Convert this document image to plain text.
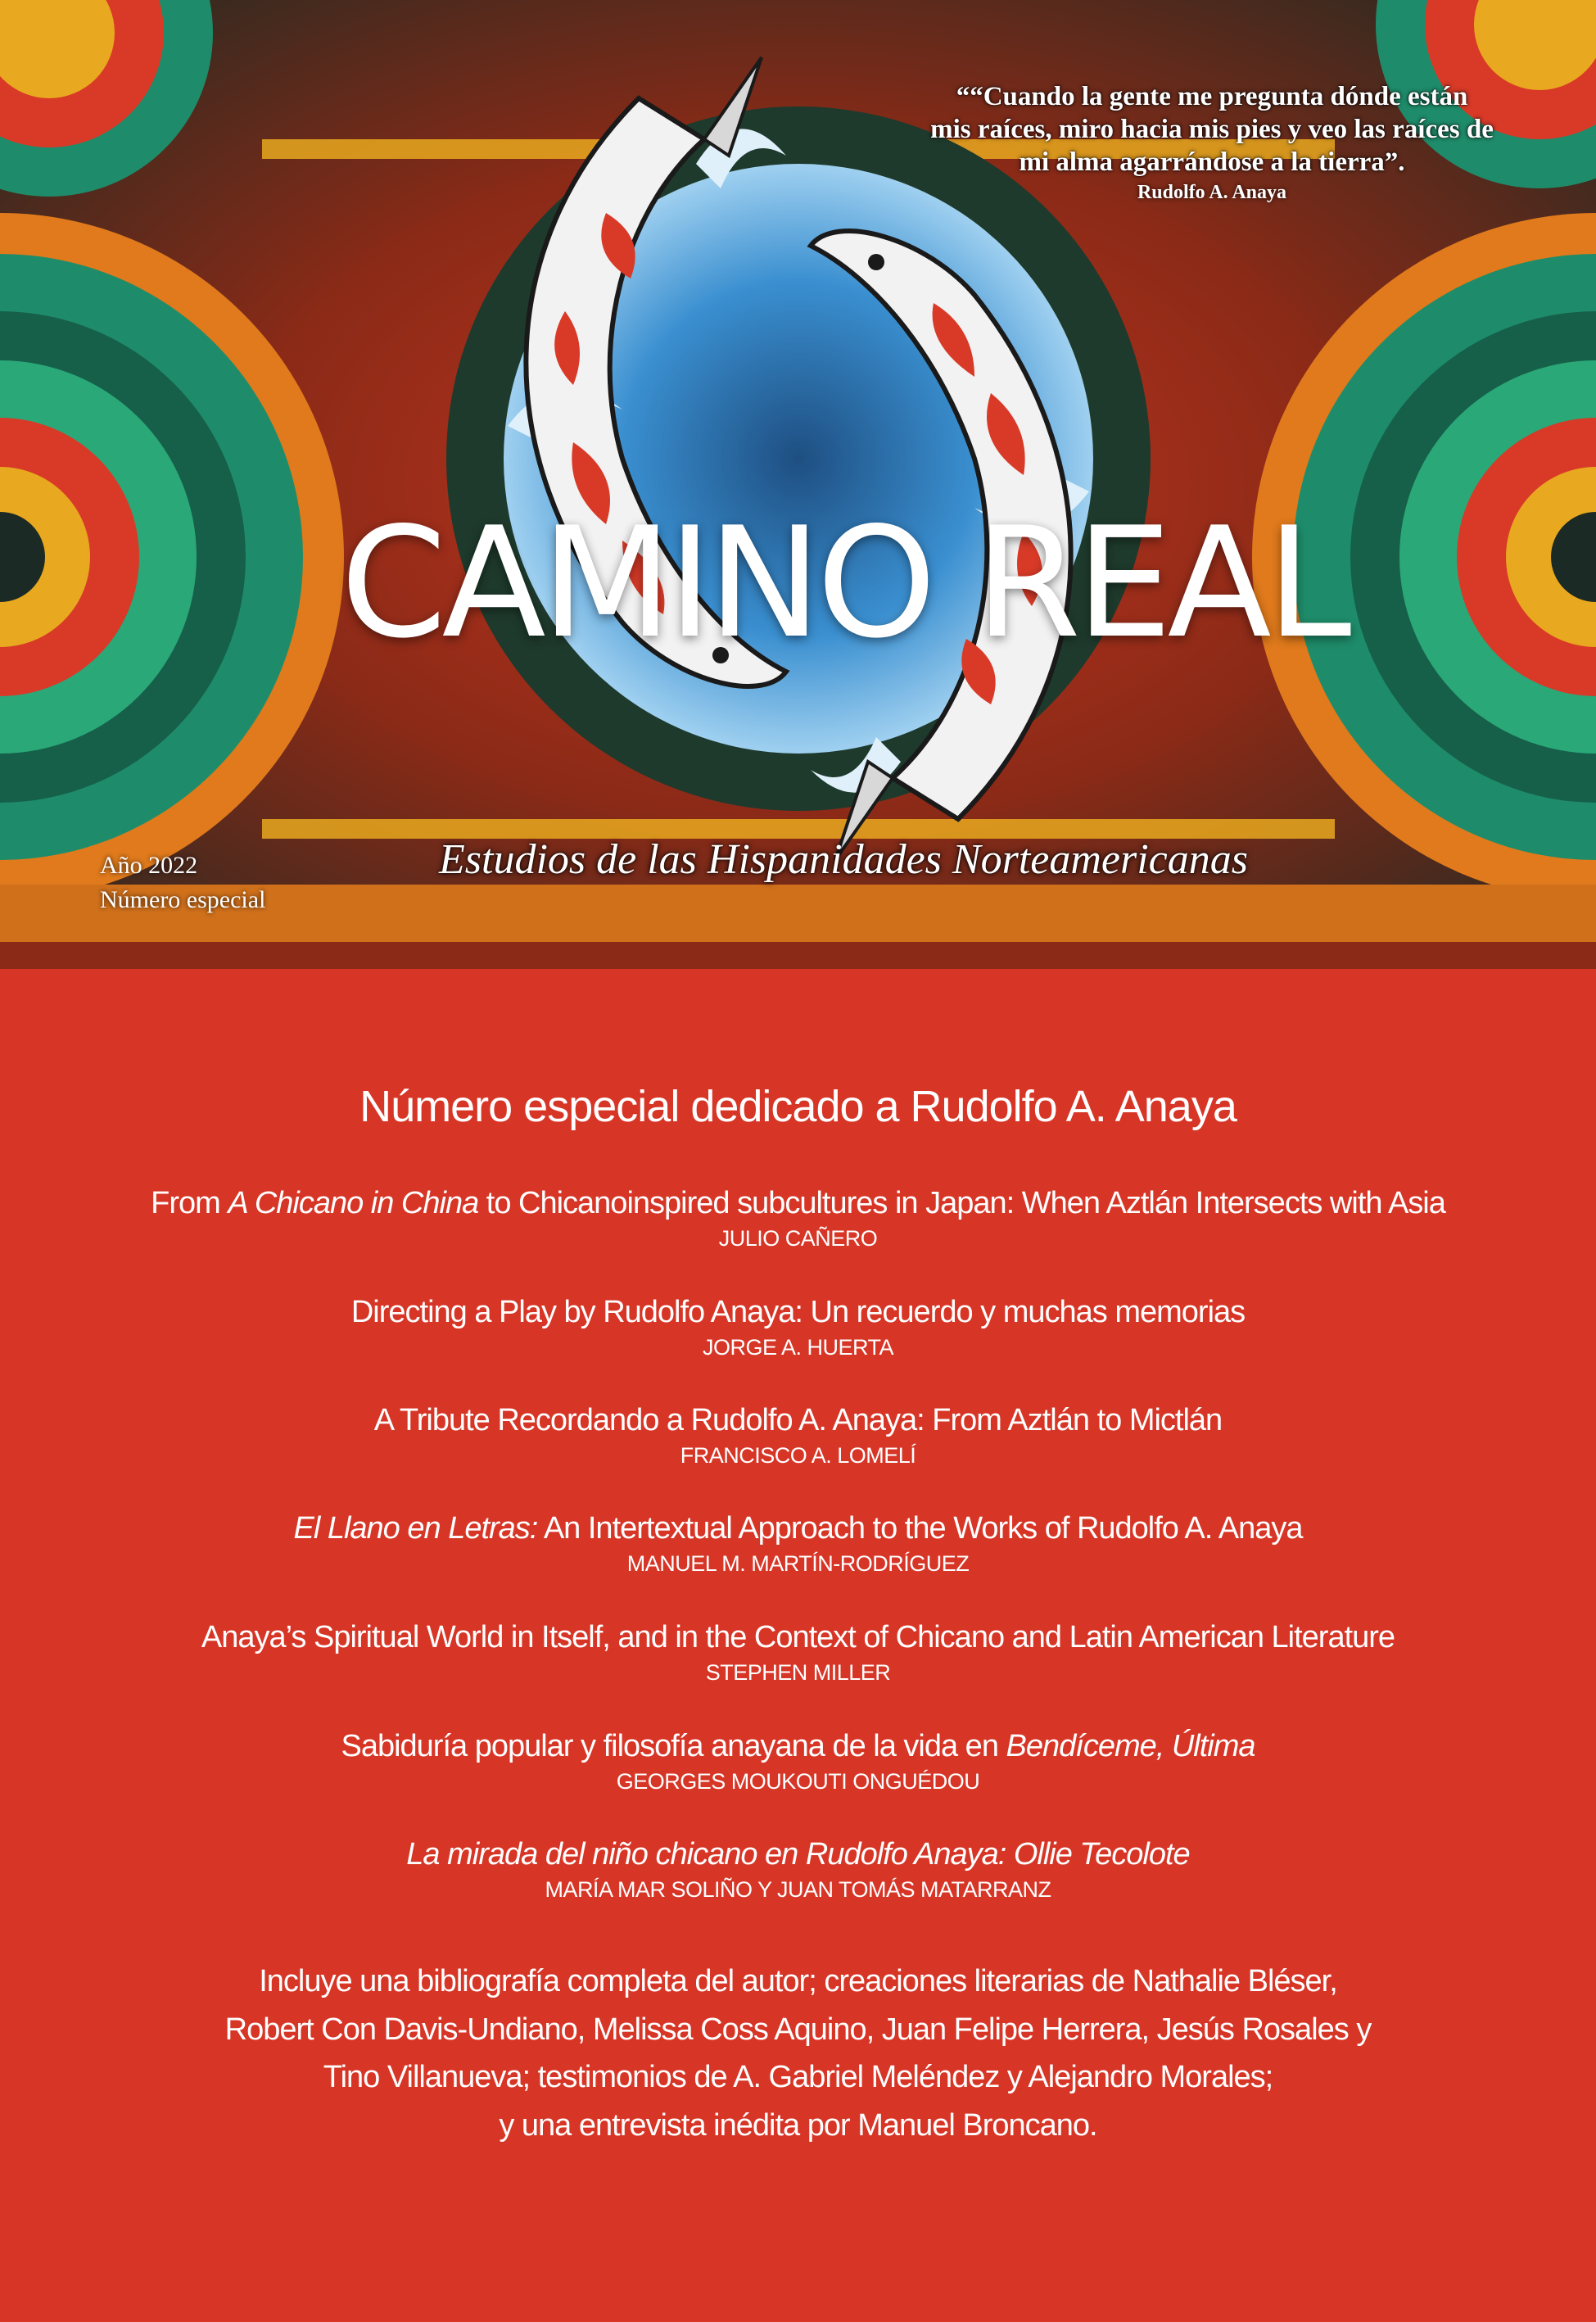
““Cuando la gente me pregunta dónde están
mis raíces, miro hacia mis pies y veo las raíces de
mi alma agarrándose a la tierra”.
Rudolfo A. Anaya
CAMINO REAL
Estudios de las Hispanidades Norteamericanas
Año 2022
Número especial
Número especial dedicado a Rudolfo A. Anaya
From A Chicano in China to Chicanoinspired subcultures in Japan: When Aztlán Intersects with Asia
JULIO CAÑERO
Directing a Play by Rudolfo Anaya: Un recuerdo y muchas memorias
JORGE A. HUERTA
A Tribute Recordando a Rudolfo A. Anaya: From Aztlán to Mictlán
FRANCISCO A. LOMELÍ
El Llano en Letras: An Intertextual Approach to the Works of Rudolfo A. Anaya
MANUEL M. MARTÍN-RODRÍGUEZ
Anaya’s Spiritual World in Itself, and in the Context of Chicano and Latin American Literature
STEPHEN MILLER
Sabiduría popular y filosofía anayana de la vida en Bendíceme, Última
GEORGES MOUKOUTI ONGUÉDOU
La mirada del niño chicano en Rudolfo Anaya: Ollie Tecolote
MARÍA MAR SOLIÑO Y JUAN TOMÁS MATARRANZ
Incluye una bibliografía completa del autor; creaciones literarias de Nathalie Bléser,
Robert Con Davis-Undiano, Melissa Coss Aquino, Juan Felipe Herrera, Jesús Rosales y
Tino Villanueva; testimonios de A. Gabriel Meléndez y Alejandro Morales;
y una entrevista inédita por Manuel Broncano.
